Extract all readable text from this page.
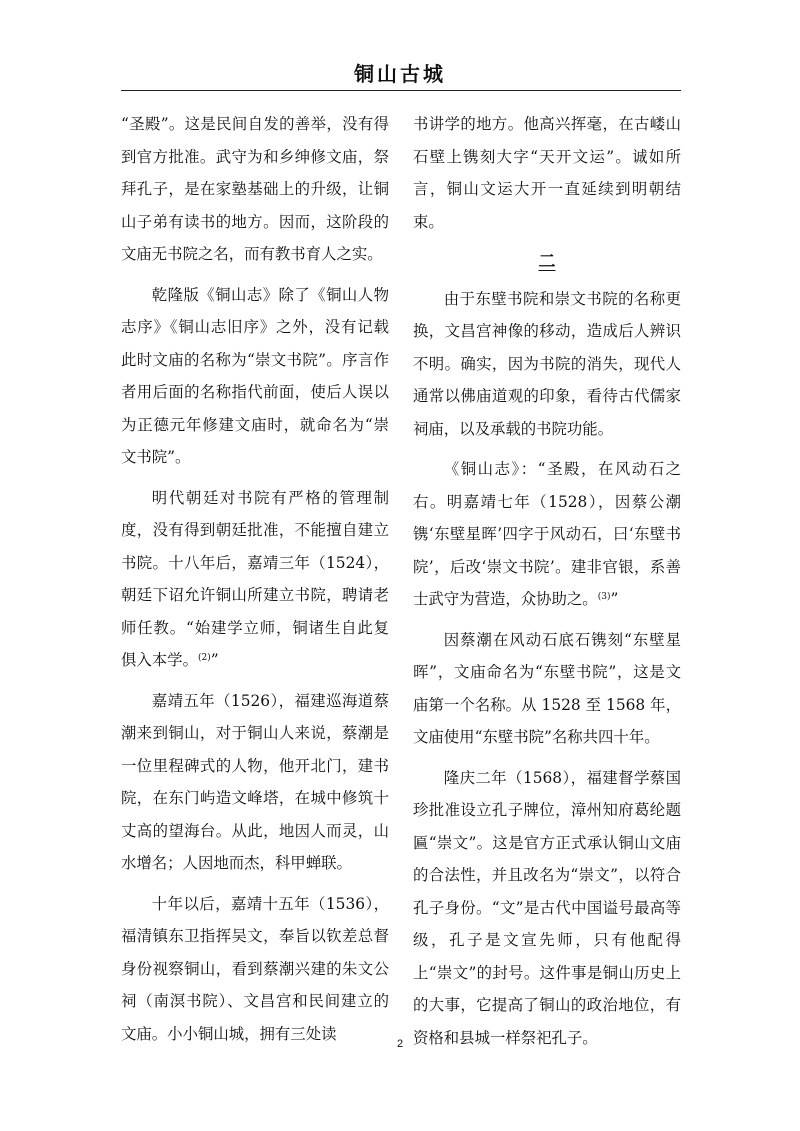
铜山古城

“圣殿”。这是民间自发的善举，没有得到官方批准。武守为和乡绅修文庙，祭拜孔子，是在家塾基础上的升级，让铜山子弟有读书的地方。因而，这阶段的文庙无书院之名，而有教书育人之实。

乾隆版《铜山志》除了《铜山人物志序》《铜山志旧序》之外，没有记载此时文庙的名称为“崇文书院”。序言作者用后面的名称指代前面，使后人误以为正德元年修建文庙时，就命名为“崇文书院”。

明代朝廷对书院有严格的管理制度，没有得到朝廷批准，不能擅自建立书院。十八年后，嘉靖三年（1524），朝廷下诏允许铜山所建立书院，聘请老师任教。“始建学立师，铜诸生自此复俱入本学。$^{(2)}$”

嘉靖五年（1526），福建巡海道蔡潮来到铜山，对于铜山人来说，蔡潮是一位里程碑式的人物，他开北门，建书院，在东门屿造文峰塔，在城中修筑十丈高的望海台。从此，地因人而灵，山水增名；人因地而杰，科甲蝉联。

十年以后，嘉靖十五年（1536），福清镇东卫指挥吴文，奉旨以钦差总督身份视察铜山，看到蔡潮兴建的朱文公祠（南溟书院）、文昌宫和民间建立的文庙。小小铜山城，拥有三处读

书讲学的地方。他高兴挥毫，在古嵝山石壁上镌刻大字“天开文运”。诚如所言，铜山文运大开一直延续到明朝结束。

二

由于东壁书院和崇文书院的名称更换，文昌宫神像的移动，造成后人辨识不明。确实，因为书院的消失，现代人通常以佛庙道观的印象，看待古代儒家祠庙，以及承载的书院功能。

《铜山志》：“圣殿，在风动石之右。明嘉靖七年（1528），因蔡公潮镌‘东壁星晖’四字于风动石，曰‘东壁书院’，后改‘崇文书院’。建非官银，系善士武守为营造，众协助之。$^{(3)}$”

因蔡潮在风动石底石镌刻“东壁星晖”，文庙命名为“东壁书院”，这是文庙第一个名称。从 1528 至 1568 年，文庙使用“东壁书院”名称共四十年。

隆庆二年（1568），福建督学蔡国珍批准设立孔子牌位，漳州知府葛纶题匾“崇文”。这是官方正式承认铜山文庙的合法性，并且改名为“崇文”，以符合孔子身份。“文”是古代中国谥号最高等级，孔子是文宣先师，只有他配得上“崇文”的封号。这件事是铜山历史上的大事，它提高了铜山的政治地位，有资格和县城一样祭祀孔子。

2
